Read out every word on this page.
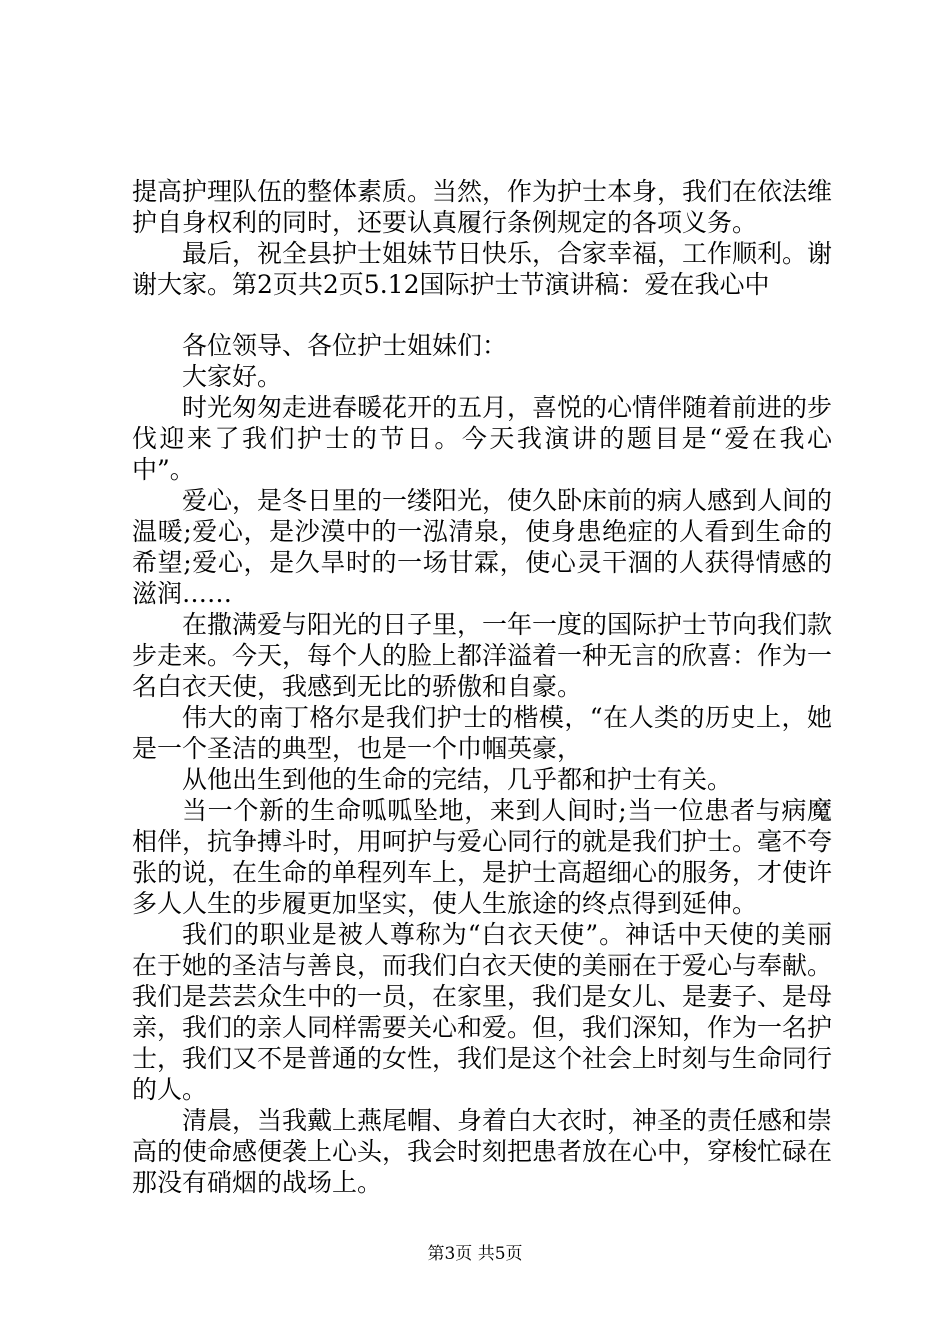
提高护理队伍的整体素质。当然，作为护士本身，我们在依法维护自身权利的同时，还要认真履行条例规定的各项义务。

最后，祝全县护士姐妹节日快乐，合家幸福，工作顺利。谢谢大家。第2页共2页5.12国际护士节演讲稿：爱在我心中

各位领导、各位护士姐妹们：

大家好。

时光匆匆走进春暖花开的五月，喜悦的心情伴随着前进的步伐迎来了我们护士的节日。今天我演讲的题目是“爱在我心中”。

爱心，是冬日里的一缕阳光，使久卧床前的病人感到人间的温暖;爱心，是沙漠中的一泓清泉，使身患绝症的人看到生命的希望;爱心，是久旱时的一场甘霖，使心灵干涸的人获得情感的滋润……

在撒满爱与阳光的日子里，一年一度的国际护士节向我们款步走来。今天，每个人的脸上都洋溢着一种无言的欣喜：作为一名白衣天使，我感到无比的骄傲和自豪。

伟大的南丁格尔是我们护士的楷模，“在人类的历史上，她是一个圣洁的典型，也是一个巾帼英豪，

从他出生到他的生命的完结，几乎都和护士有关。

当一个新的生命呱呱坠地，来到人间时;当一位患者与病魔相伴，抗争搏斗时，用呵护与爱心同行的就是我们护士。毫不夸张的说，在生命的单程列车上，是护士高超细心的服务，才使许多人人生的步履更加坚实，使人生旅途的终点得到延伸。

我们的职业是被人尊称为“白衣天使”。神话中天使的美丽在于她的圣洁与善良，而我们白衣天使的美丽在于爱心与奉献。我们是芸芸众生中的一员，在家里，我们是女儿、是妻子、是母亲，我们的亲人同样需要关心和爱。但，我们深知，作为一名护士，我们又不是普通的女性，我们是这个社会上时刻与生命同行的人。

清晨，当我戴上燕尾帽、身着白大衣时，神圣的责任感和崇高的使命感便袭上心头，我会时刻把患者放在心中，穿梭忙碌在那没有硝烟的战场上。

第3页 共5页
